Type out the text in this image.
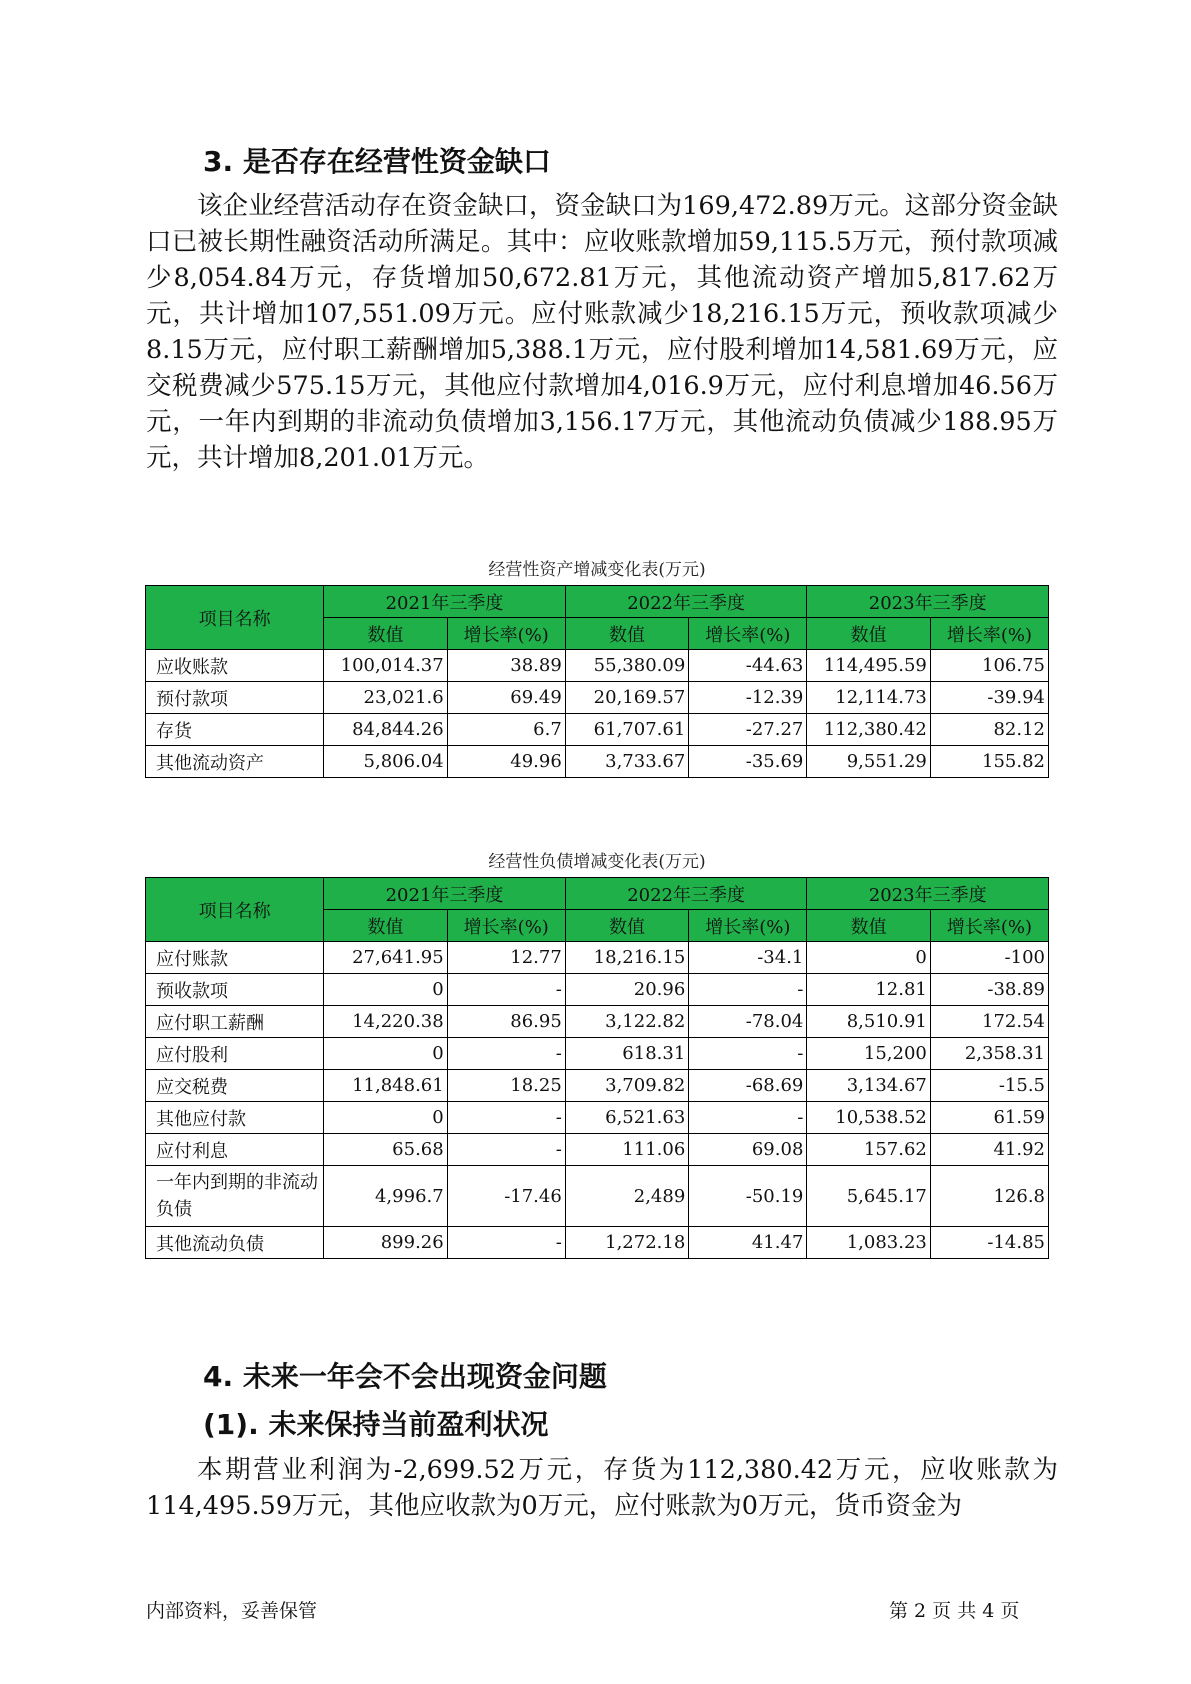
3. 是否存在经营性资金缺口

该企业经营活动存在资金缺口，资金缺口为169,472.89万元。这部分资金缺口已被长期性融资活动所满足。其中：应收账款增加59,115.5万元，预付款项减少8,054.84万元，存货增加50,672.81万元，其他流动资产增加5,817.62万元，共计增加107,551.09万元。应付账款减少18,216.15万元，预收款项减少8.15万元，应付职工薪酬增加5,388.1万元，应付股利增加14,581.69万元，应交税费减少575.15万元，其他应付款增加4,016.9万元，应付利息增加46.56万元，一年内到期的非流动负债增加3,156.17万元，其他流动负债减少188.95万元，共计增加8,201.01万元。

经营性资产增减变化表(万元)
项目名称	2021年三季度		2022年三季度		2023年三季度	
	数值	增长率(%)	数值	增长率(%)	数值	增长率(%)
应收账款	100,014.37	38.89	55,380.09	-44.63	114,495.59	106.75
预付款项	23,021.6	69.49	20,169.57	-12.39	12,114.73	-39.94
存货	84,844.26	6.7	61,707.61	-27.27	112,380.42	82.12
其他流动资产	5,806.04	49.96	3,733.67	-35.69	9,551.29	155.82
经营性负债增减变化表(万元)
项目名称	2021年三季度		2022年三季度		2023年三季度	
	数值	增长率(%)	数值	增长率(%)	数值	增长率(%)
应付账款	27,641.95	12.77	18,216.15	-34.1	0	-100
预收款项	0	-	20.96	-	12.81	-38.89
应付职工薪酬	14,220.38	86.95	3,122.82	-78.04	8,510.91	172.54
应付股利	0	-	618.31	-	15,200	2,358.31
应交税费	11,848.61	18.25	3,709.82	-68.69	3,134.67	-15.5
其他应付款	0	-	6,521.63	-	10,538.52	61.59
应付利息	65.68	-	111.06	69.08	157.62	41.92
一年内到期的非流动负债	4,996.7	-17.46	2,489	-50.19	5,645.17	126.8
其他流动负债	899.26	-	1,272.18	41.47	1,083.23	-14.85
4. 未来一年会不会出现资金问题
(1). 未来保持当前盈利状况

本期营业利润为-2,699.52万元，存货为112,380.42万元，应收账款为114,495.59万元，其他应收款为0万元，应付账款为0万元，货币资金为

内部资料，妥善保管	第 2 页 共 4 页
